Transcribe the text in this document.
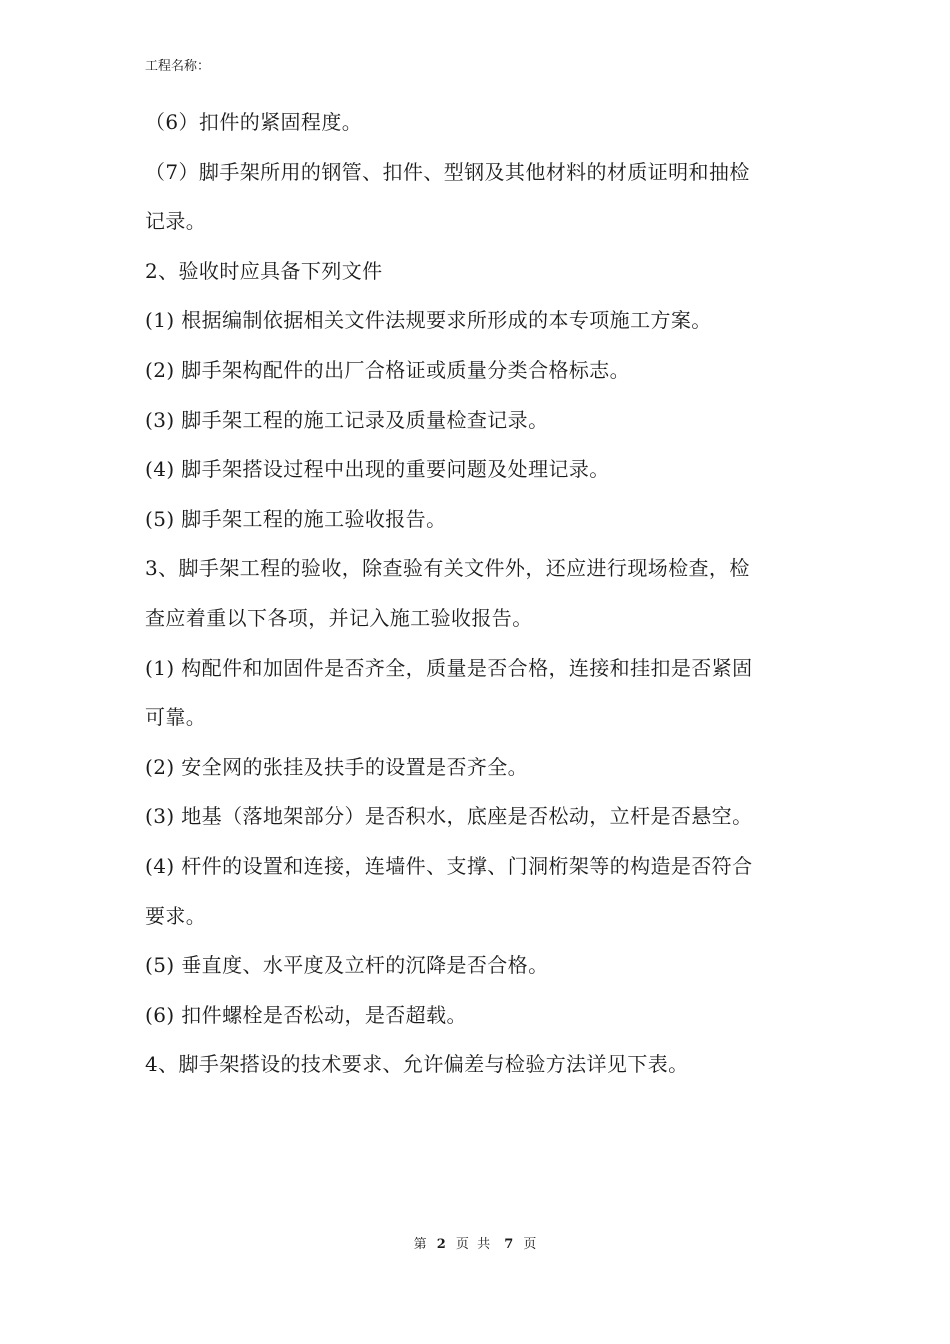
工程名称：
（6）扣件的紧固程度。
（7）脚手架所用的钢管、扣件、型钢及其他材料的材质证明和抽检
记录。
2、验收时应具备下列文件
(1) 根据编制依据相关文件法规要求所形成的本专项施工方案。
(2) 脚手架构配件的出厂合格证或质量分类合格标志。
(3) 脚手架工程的施工记录及质量检查记录。
(4) 脚手架搭设过程中出现的重要问题及处理记录。
(5) 脚手架工程的施工验收报告。
3、脚手架工程的验收，除查验有关文件外，还应进行现场检查，检
查应着重以下各项，并记入施工验收报告。
(1) 构配件和加固件是否齐全，质量是否合格，连接和挂扣是否紧固
可靠。
(2) 安全网的张挂及扶手的设置是否齐全。
(3) 地基（落地架部分）是否积水，底座是否松动，立杆是否悬空。
(4) 杆件的设置和连接，连墙件、支撑、门洞桁架等的构造是否符合
要求。
(5) 垂直度、水平度及立杆的沉降是否合格。
(6) 扣件螺栓是否松动，是否超载。
4、脚手架搭设的技术要求、允许偏差与检验方法详见下表。
第 2 页 共 7 页
